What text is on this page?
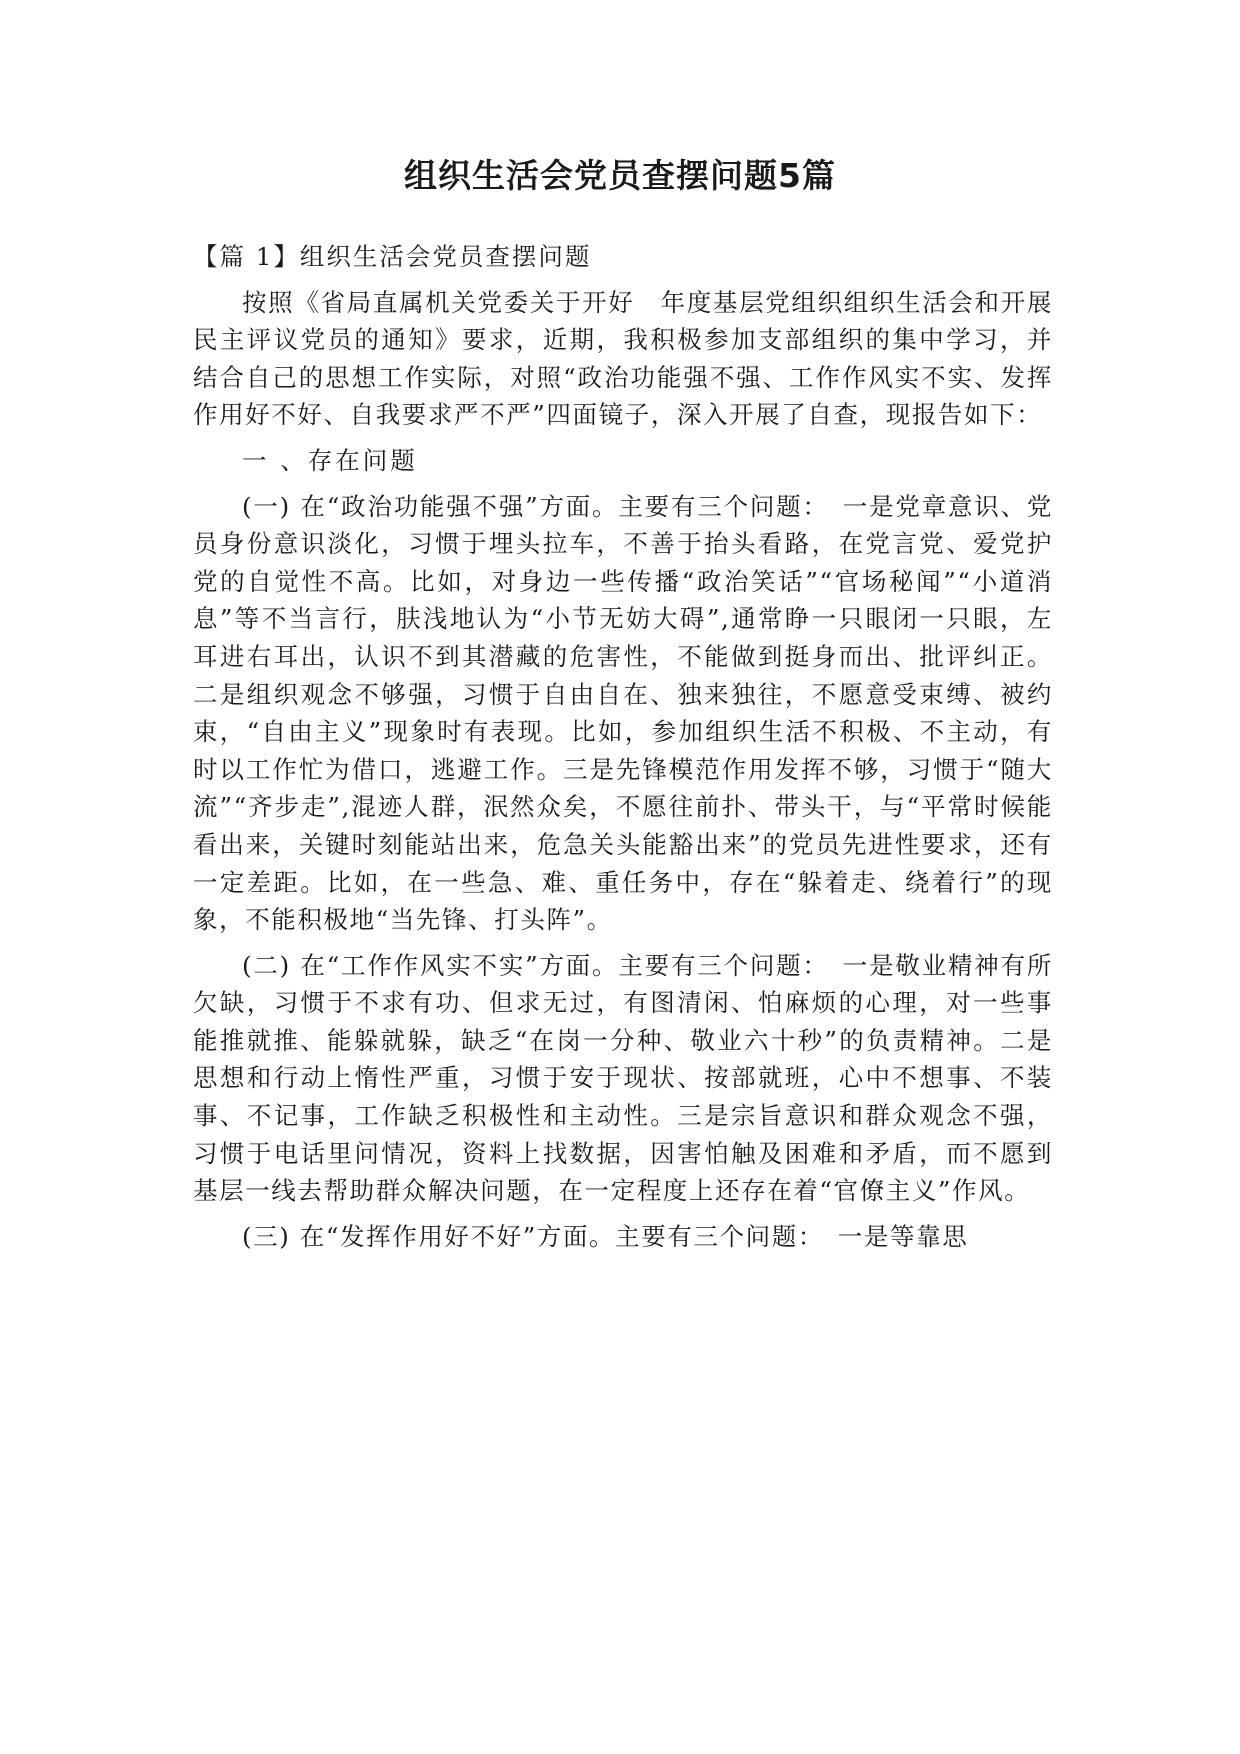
组织生活会党员查摆问题5篇

【篇 1】组织生活会党员查摆问题

按照《省局直属机关党委关于开好　年度基层党组织组织生活会和开展民主评议党员的通知》要求，近期，我积极参加支部组织的集中学习，并结合自己的思想工作实际，对照“政治功能强不强、工作作风实不实、发挥作用好不好、自我要求严不严”四面镜子，深入开展了自查，现报告如下：

一 、存在问题

(一) 在“政治功能强不强”方面。主要有三个问题：　一是党章意识、党员身份意识淡化，习惯于埋头拉车，不善于抬头看路，在党言党、爱党护党的自觉性不高。比如，对身边一些传播“政治笑话”“官场秘闻”“小道消息”等不当言行，肤浅地认为“小节无妨大碍”,通常睁一只眼闭一只眼，左耳进右耳出，认识不到其潜藏的危害性，不能做到挺身而出、批评纠正。二是组织观念不够强，习惯于自由自在、独来独往，不愿意受束缚、被约束，“自由主义”现象时有表现。比如，参加组织生活不积极、不主动，有时以工作忙为借口，逃避工作。三是先锋模范作用发挥不够，习惯于“随大流”“齐步走”,混迹人群，泯然众矣，不愿往前扑、带头干，与“平常时候能看出来，关键时刻能站出来，危急关头能豁出来”的党员先进性要求，还有一定差距。比如，在一些急、难、重任务中，存在“躲着走、绕着行”的现象，不能积极地“当先锋、打头阵”。

(二) 在“工作作风实不实”方面。主要有三个问题：　一是敬业精神有所欠缺，习惯于不求有功、但求无过，有图清闲、怕麻烦的心理，对一些事能推就推、能躲就躲，缺乏“在岗一分种、敬业六十秒”的负责精神。二是思想和行动上惰性严重，习惯于安于现状、按部就班，心中不想事、不装事、不记事，工作缺乏积极性和主动性。三是宗旨意识和群众观念不强，习惯于电话里问情况，资料上找数据，因害怕触及困难和矛盾，而不愿到基层一线去帮助群众解决问题，在一定程度上还存在着“官僚主义”作风。

(三) 在“发挥作用好不好”方面。主要有三个问题：　一是等靠思
